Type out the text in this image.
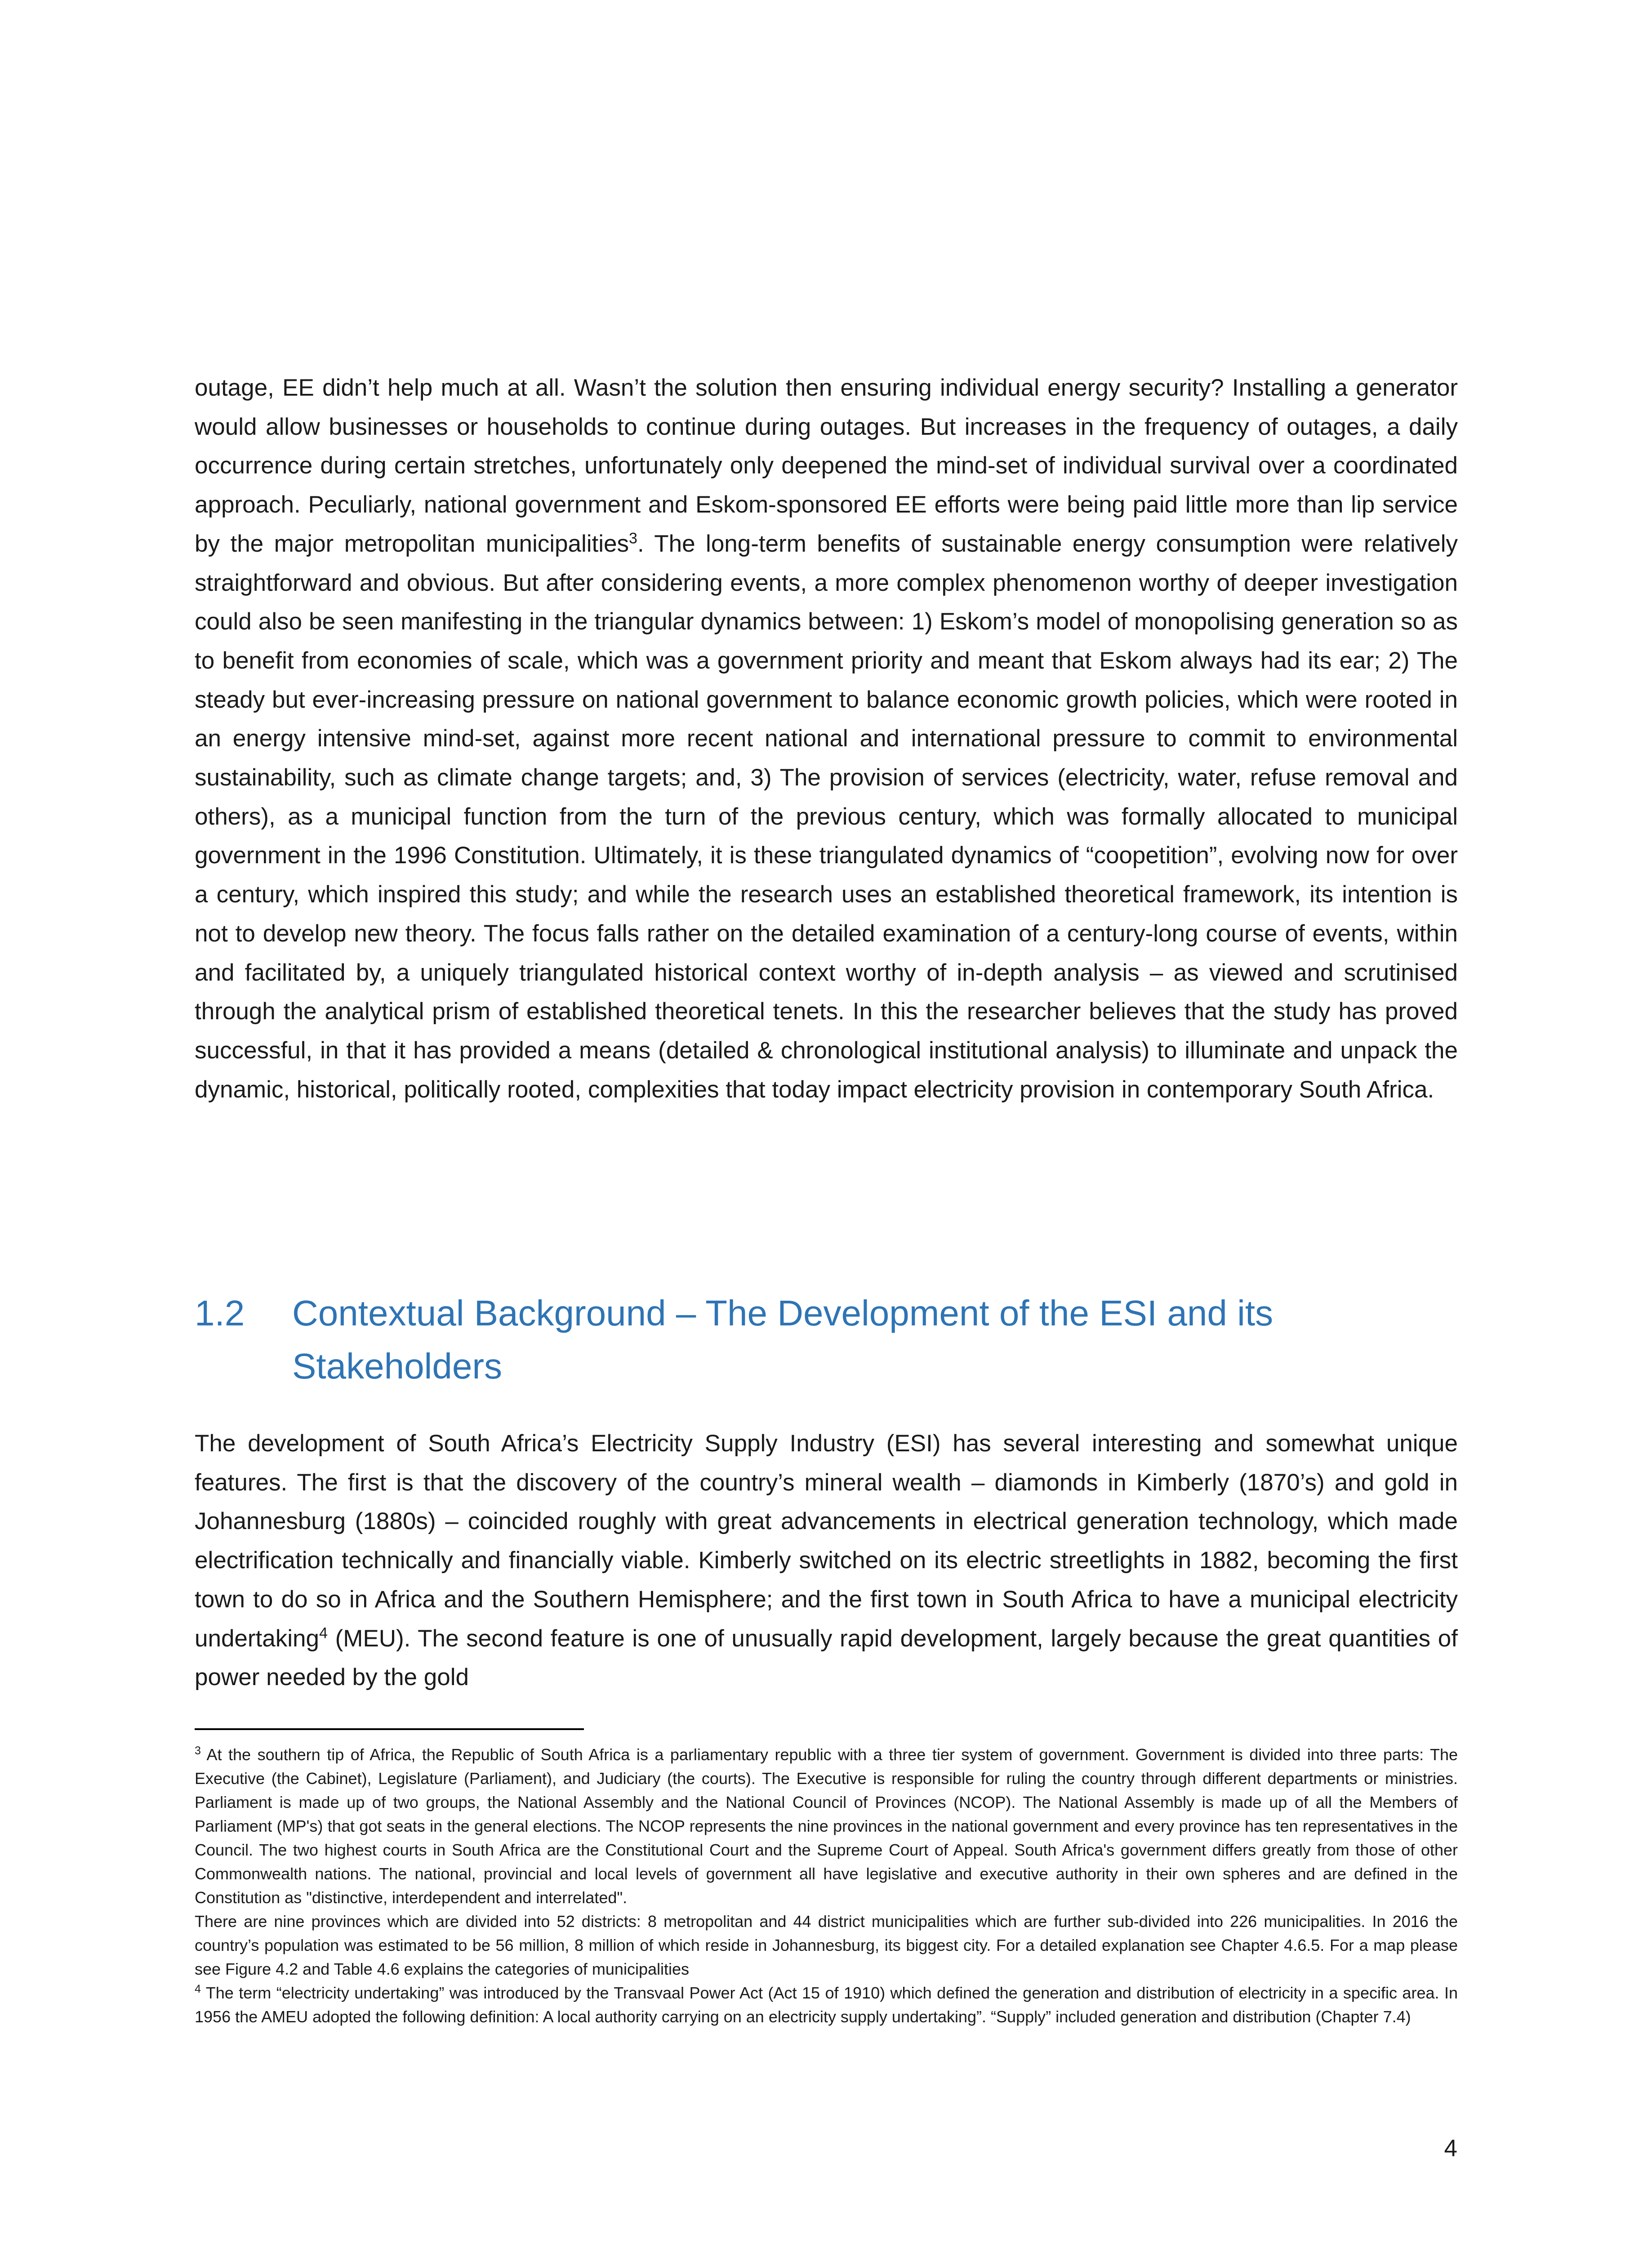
outage, EE didn’t help much at all. Wasn’t the solution then ensuring individual energy security? Installing a generator would allow businesses or households to continue during outages. But increases in the frequency of outages, a daily occurrence during certain stretches, unfortunately only deepened the mind-set of individual survival over a coordinated approach. Peculiarly, national government and Eskom-sponsored EE efforts were being paid little more than lip service by the major metropolitan municipalities$^3$. The long-term benefits of sustainable energy consumption were relatively straightforward and obvious. But after considering events, a more complex phenomenon worthy of deeper investigation could also be seen manifesting in the triangular dynamics between: 1) Eskom’s model of monopolising generation so as to benefit from economies of scale, which was a government priority and meant that Eskom always had its ear; 2) The steady but ever-increasing pressure on national government to balance economic growth policies, which were rooted in an energy intensive mind-set, against more recent national and international pressure to commit to environmental sustainability, such as climate change targets; and, 3) The provision of services (electricity, water, refuse removal and others), as a municipal function from the turn of the previous century, which was formally allocated to municipal government in the 1996 Constitution. Ultimately, it is these triangulated dynamics of “coopetition”, evolving now for over a century, which inspired this study; and while the research uses an established theoretical framework, its intention is not to develop new theory. The focus falls rather on the detailed examination of a century-long course of events, within and facilitated by, a uniquely triangulated historical context worthy of in-depth analysis – as viewed and scrutinised through the analytical prism of established theoretical tenets. In this the researcher believes that the study has proved successful, in that it has provided a means (detailed & chronological institutional analysis) to illuminate and unpack the dynamic, historical, politically rooted, complexities that today impact electricity provision in contemporary South Africa.

1.2	Contextual Background – The Development of the ESI and its Stakeholders

The development of South Africa’s Electricity Supply Industry (ESI) has several interesting and somewhat unique features. The first is that the discovery of the country’s mineral wealth – diamonds in Kimberly (1870’s) and gold in Johannesburg (1880s) – coincided roughly with great advancements in electrical generation technology, which made electrification technically and financially viable. Kimberly switched on its electric streetlights in 1882, becoming the first town to do so in Africa and the Southern Hemisphere; and the first town in South Africa to have a municipal electricity undertaking$^4$ (MEU). The second feature is one of unusually rapid development, largely because the great quantities of power needed by the gold

$^3$ At the southern tip of Africa, the Republic of South Africa is a parliamentary republic with a three tier system of government. Government is divided into three parts: The Executive (the Cabinet), Legislature (Parliament), and Judiciary (the courts). The Executive is responsible for ruling the country through different departments or ministries. Parliament is made up of two groups, the National Assembly and the National Council of Provinces (NCOP). The National Assembly is made up of all the Members of Parliament (MP's) that got seats in the general elections. The NCOP represents the nine provinces in the national government and every province has ten representatives in the Council. The two highest courts in South Africa are the Constitutional Court and the Supreme Court of Appeal. South Africa's government differs greatly from those of other Commonwealth nations. The national, provincial and local levels of government all have legislative and executive authority in their own spheres and are defined in the Constitution as "distinctive, interdependent and interrelated".

There are nine provinces which are divided into 52 districts: 8 metropolitan and 44 district municipalities which are further sub-divided into 226 municipalities. In 2016 the country’s population was estimated to be 56 million, 8 million of which reside in Johannesburg, its biggest city. For a detailed explanation see Chapter 4.6.5. For a map please see Figure 4.2 and Table 4.6 explains the categories of municipalities

$^4$ The term “electricity undertaking” was introduced by the Transvaal Power Act (Act 15 of 1910) which defined the generation and distribution of electricity in a specific area. In 1956 the AMEU adopted the following definition: A local authority carrying on an electricity supply undertaking”. “Supply” included generation and distribution (Chapter 7.4)

4
